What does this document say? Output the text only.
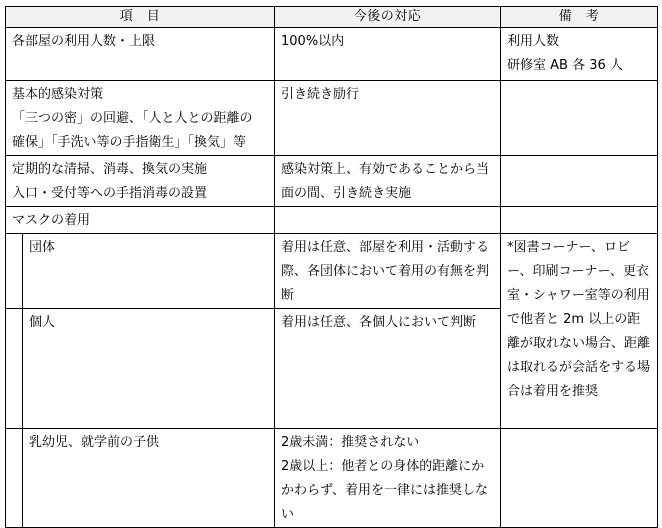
項　目		今後の対応	備　考

各部屋の利用人数・上限		100%以内	利用人数
研修室 AB 各 36 人

基本的感染対策
「三つの密」の回避、「人と人との距離の
確保」「手洗い等の手指衛生」「換気」等		引き続き励行	

定期的な清掃、消毒、換気の実施
入口・受付等への手指消毒の設置		感染対策上、有効であることから当面の間、引き続き実施	

マスクの着用			

	団体	着用は任意、部屋を利用・活動する際、各団体において着用の有無を判断	*図書コーナー、ロビー、印刷コーナー、更衣室・シャワー室等の利用で他者と 2m 以上の距離が取れない場合、距離は取れるが会話をする場合は着用を推奨

	個人	着用は任意、各個人において判断	

	乳幼児、就学前の子供	2歳未満：推奨されない
2歳以上：他者との身体的距離にかかわらず、着用を一律には推奨しない	
